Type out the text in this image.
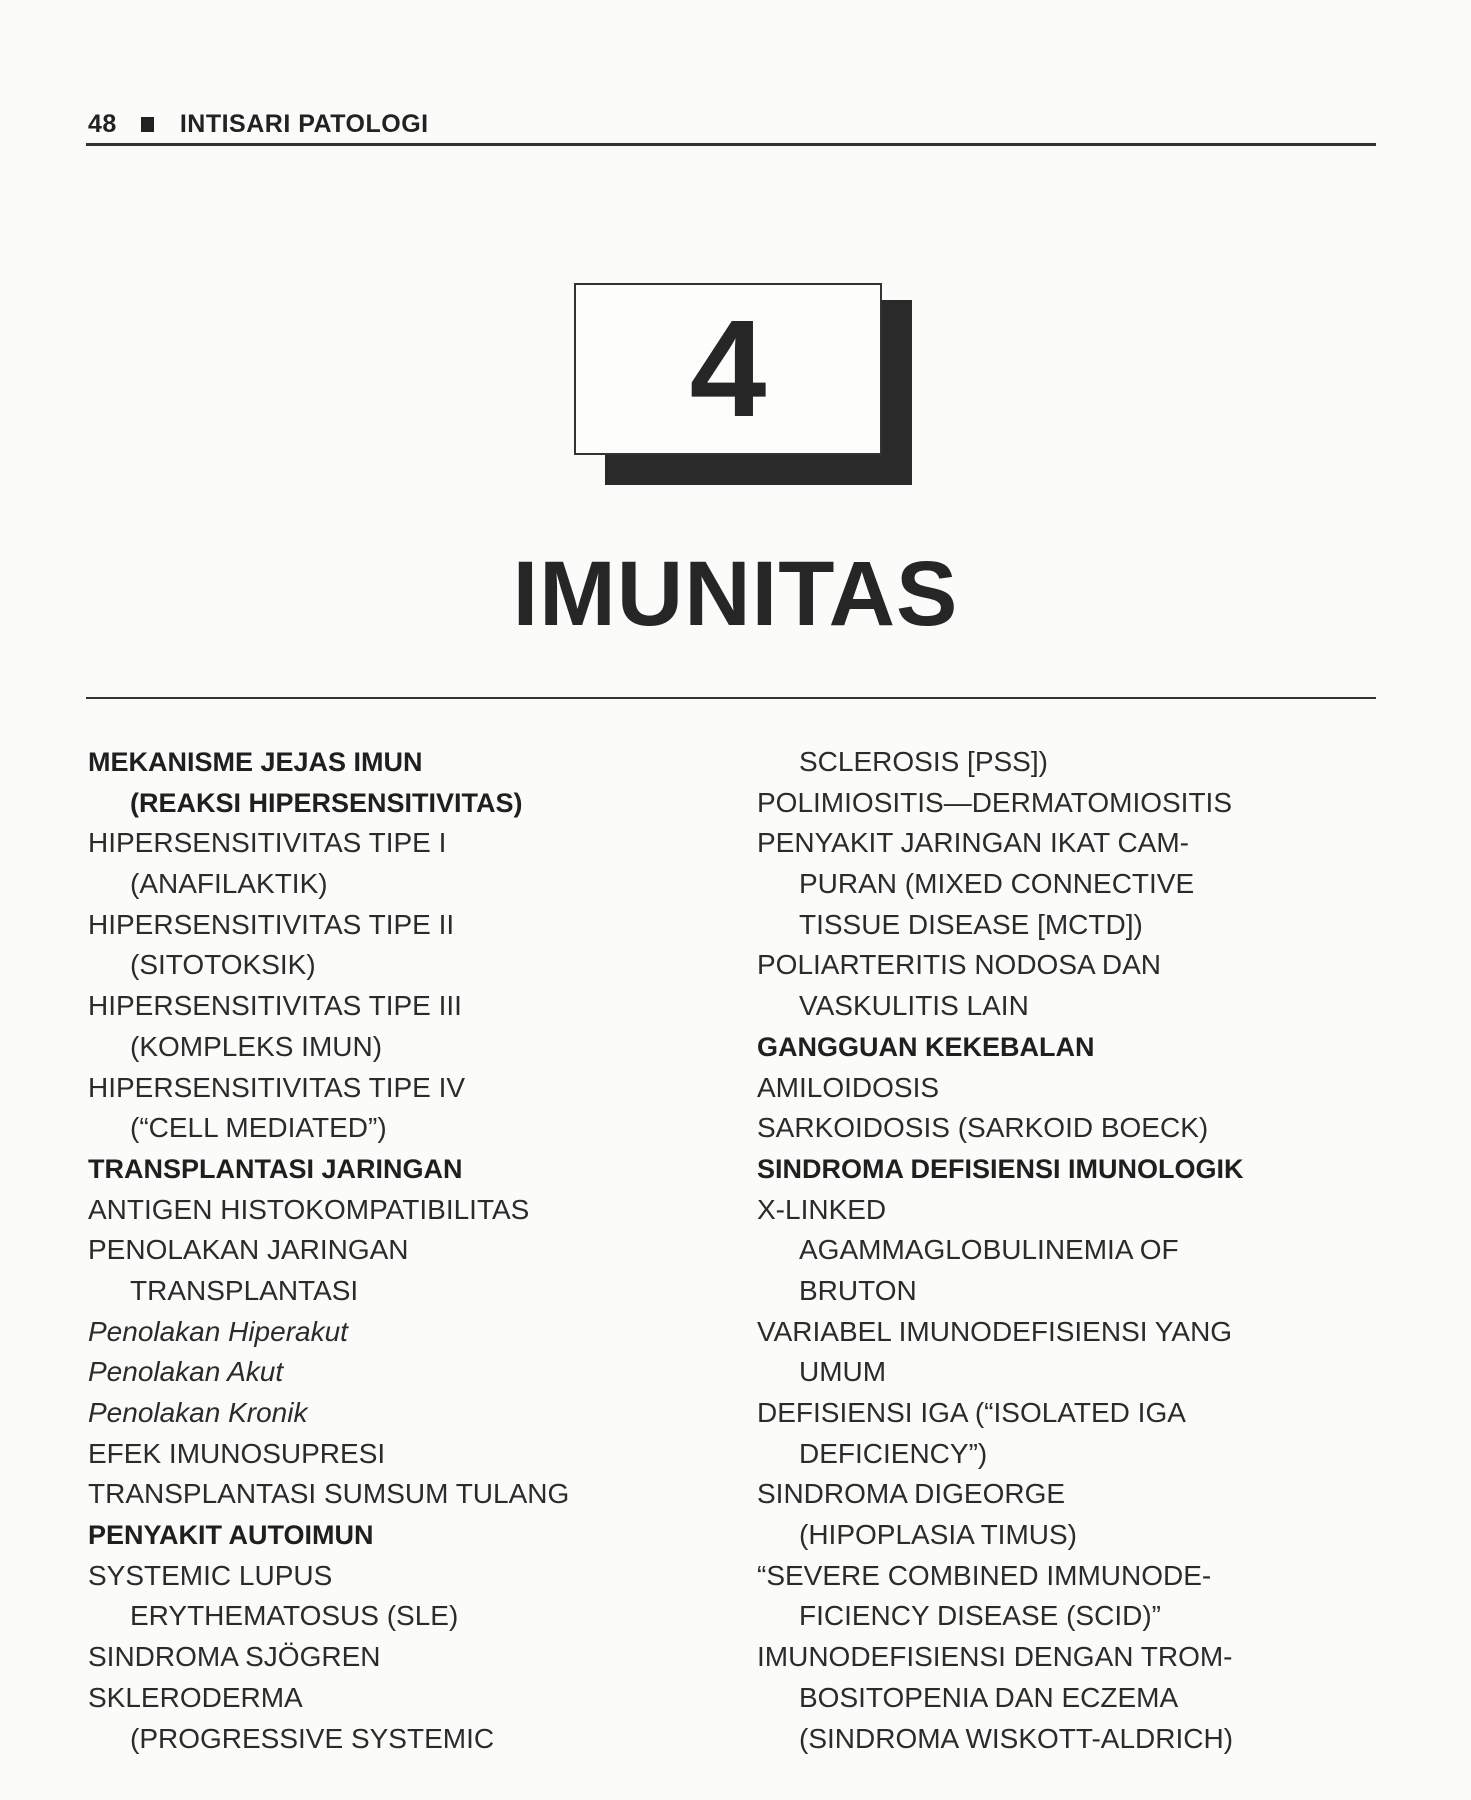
48	INTISARI PATOLOGI
4
IMUNITAS
MEKANISME JEJAS IMUN
(REAKSI HIPERSENSITIVITAS)
HIPERSENSITIVITAS TIPE I
(ANAFILAKTIK)
HIPERSENSITIVITAS TIPE II
(SITOTOKSIK)
HIPERSENSITIVITAS TIPE III
(KOMPLEKS IMUN)
HIPERSENSITIVITAS TIPE IV
(“CELL MEDIATED”)
TRANSPLANTASI JARINGAN
ANTIGEN HISTOKOMPATIBILITAS
PENOLAKAN JARINGAN
TRANSPLANTASI
Penolakan Hiperakut
Penolakan Akut
Penolakan Kronik
EFEK IMUNOSUPRESI
TRANSPLANTASI SUMSUM TULANG
PENYAKIT AUTOIMUN
SYSTEMIC LUPUS
ERYTHEMATOSUS (SLE)
SINDROMA SJÖGREN
SKLERODERMA
(PROGRESSIVE SYSTEMIC
SCLEROSIS [PSS])
POLIMIOSITIS—DERMATOMIOSITIS
PENYAKIT JARINGAN IKAT CAM-
PURAN (MIXED CONNECTIVE
TISSUE DISEASE [MCTD])
POLIARTERITIS NODOSA DAN
VASKULITIS LAIN
GANGGUAN KEKEBALAN
AMILOIDOSIS
SARKOIDOSIS (SARKOID BOECK)
SINDROMA DEFISIENSI IMUNOLOGIK
X-LINKED
AGAMMAGLOBULINEMIA OF
BRUTON
VARIABEL IMUNODEFISIENSI YANG
UMUM
DEFISIENSI IGA (“ISOLATED IGA
DEFICIENCY”)
SINDROMA DIGEORGE
(HIPOPLASIA TIMUS)
“SEVERE COMBINED IMMUNODE-
FICIENCY DISEASE (SCID)”
IMUNODEFISIENSI DENGAN TROM-
BOSITOPENIA DAN ECZEMA
(SINDROMA WISKOTT-ALDRICH)
